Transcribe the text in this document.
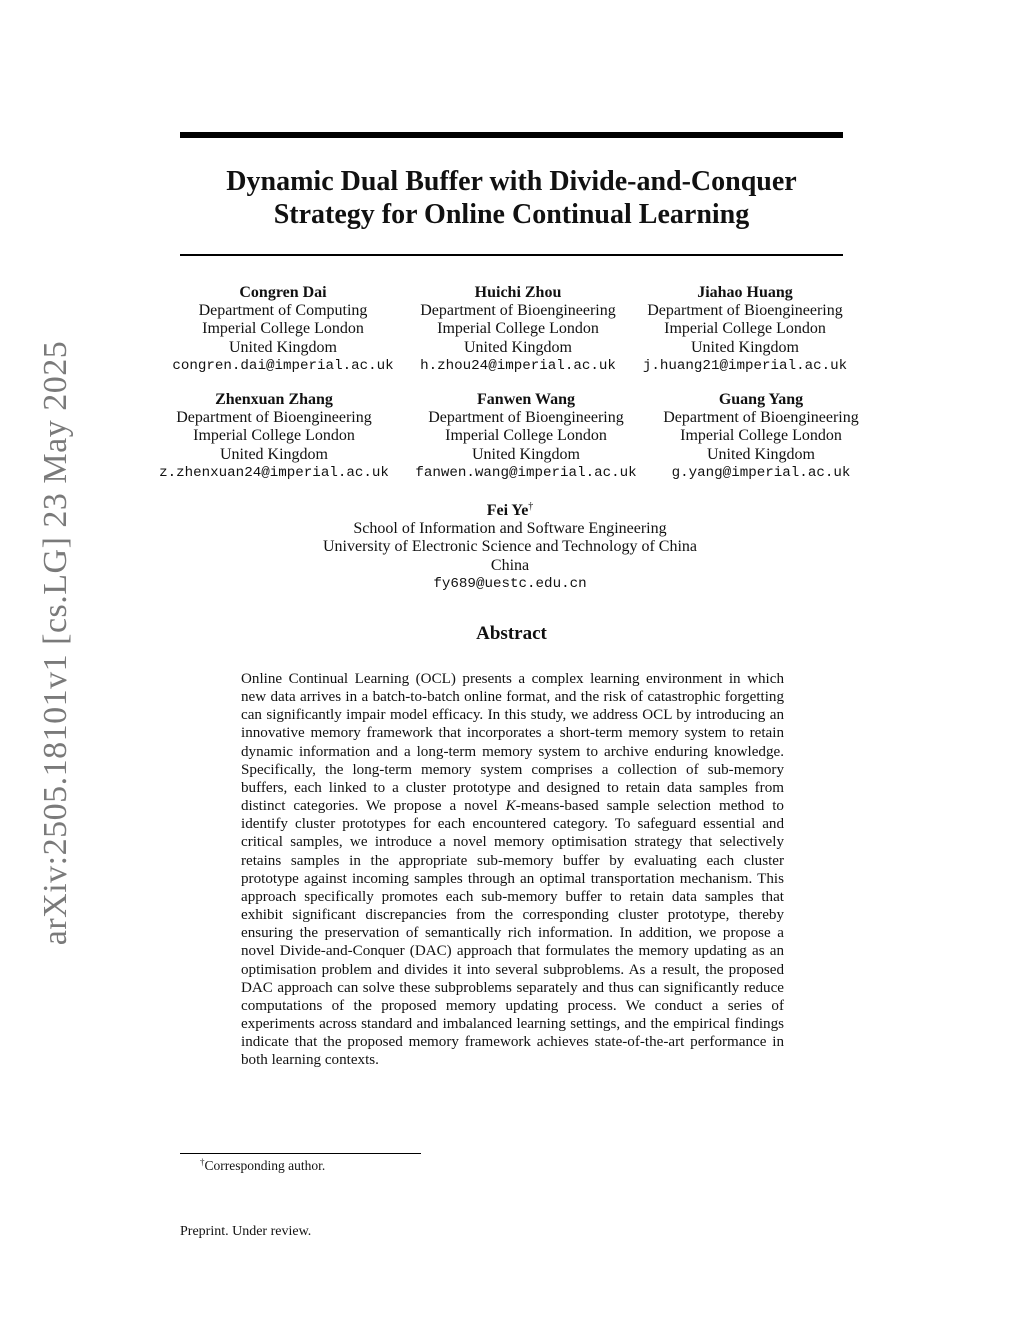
arXiv:2505.18101v1 [cs.LG] 23 May 2025
Dynamic Dual Buffer with Divide-and-Conquer
Strategy for Online Continual Learning
Congren Dai
Department of Computing
Imperial College London
United Kingdom
congren.dai@imperial.ac.uk
Huichi Zhou
Department of Bioengineering
Imperial College London
United Kingdom
h.zhou24@imperial.ac.uk
Jiahao Huang
Department of Bioengineering
Imperial College London
United Kingdom
j.huang21@imperial.ac.uk
Zhenxuan Zhang
Department of Bioengineering
Imperial College London
United Kingdom
z.zhenxuan24@imperial.ac.uk
Fanwen Wang
Department of Bioengineering
Imperial College London
United Kingdom
fanwen.wang@imperial.ac.uk
Guang Yang
Department of Bioengineering
Imperial College London
United Kingdom
g.yang@imperial.ac.uk
Fei Ye†
School of Information and Software Engineering
University of Electronic Science and Technology of China
China
fy689@uestc.edu.cn
Abstract
Online Continual Learning (OCL) presents a complex learning environment in which new data arrives in a batch-to-batch online format, and the risk of catastrophic forgetting can significantly impair model efficacy. In this study, we address OCL by introducing an innovative memory framework that incorporates a short-term memory system to retain dynamic information and a long-term memory system to archive enduring knowledge. Specifically, the long-term memory system comprises a collection of sub-memory buffers, each linked to a cluster prototype and designed to retain data samples from distinct categories. We propose a novel K-means-based sample selection method to identify cluster prototypes for each encountered category. To safeguard essential and critical samples, we introduce a novel memory optimisation strategy that selectively retains samples in the appropriate sub-memory buffer by evaluating each cluster prototype against incoming samples through an optimal transportation mechanism. This approach specifically promotes each sub-memory buffer to retain data samples that exhibit significant discrepancies from the corresponding cluster prototype, thereby ensuring the preservation of semantically rich information. In addition, we propose a novel Divide-and-Conquer (DAC) approach that formulates the memory updating as an optimisation problem and divides it into several subproblems. As a result, the proposed DAC approach can solve these subproblems separately and thus can significantly reduce computations of the proposed memory updating process. We conduct a series of experiments across standard and imbalanced learning settings, and the empirical findings indicate that the proposed memory framework achieves state-of-the-art performance in both learning contexts.
†Corresponding author.
Preprint. Under review.
